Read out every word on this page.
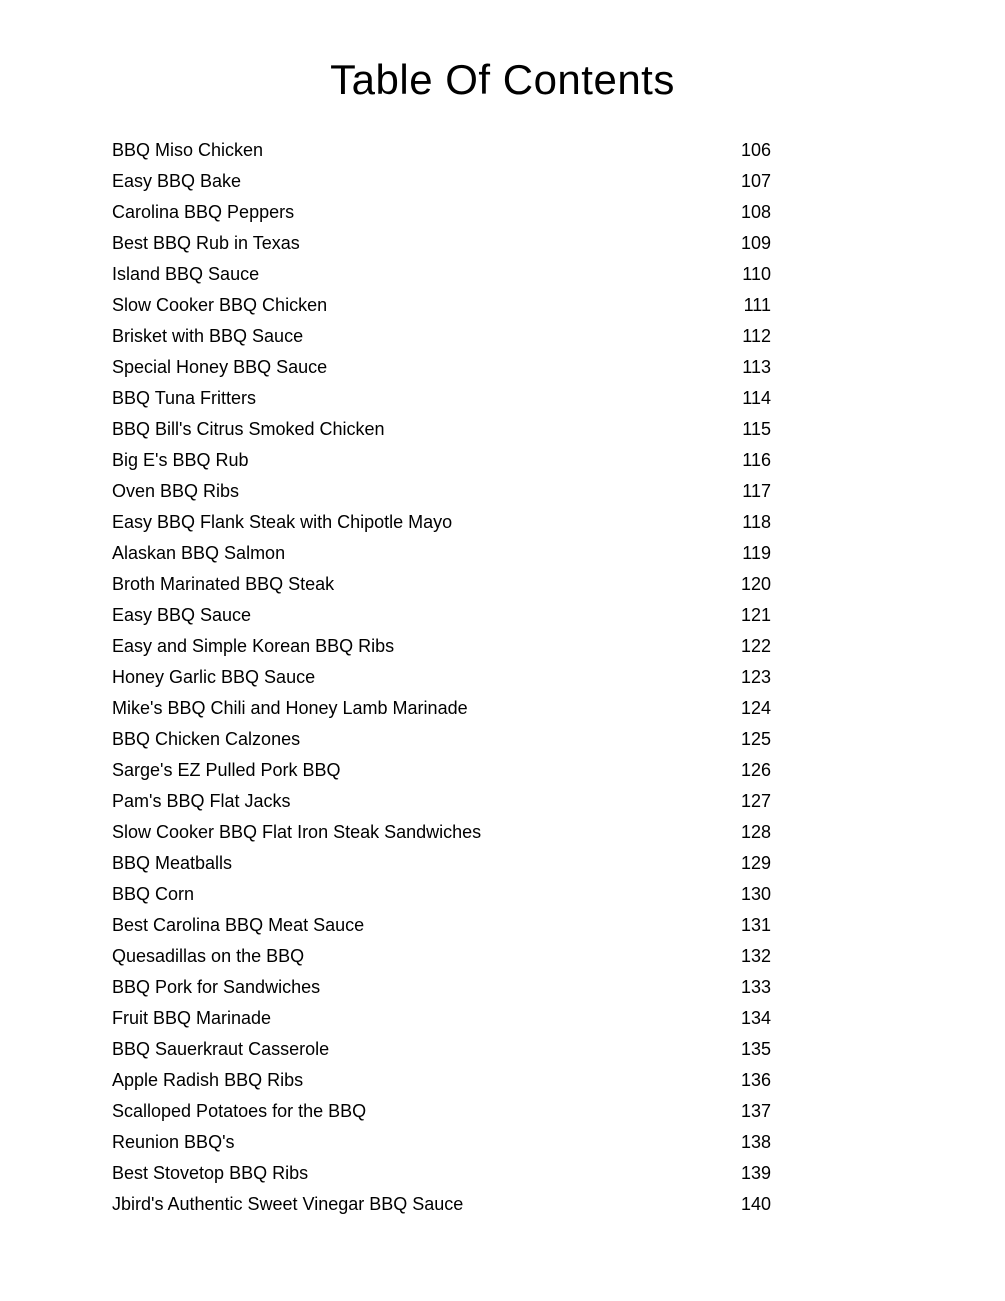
Table Of Contents
BBQ Miso Chicken	106
Easy BBQ Bake	107
Carolina BBQ Peppers	108
Best BBQ Rub in Texas	109
Island BBQ Sauce	110
Slow Cooker BBQ Chicken	111
Brisket with BBQ Sauce	112
Special Honey BBQ Sauce	113
BBQ Tuna Fritters	114
BBQ Bill's Citrus Smoked Chicken	115
Big E's BBQ Rub	116
Oven BBQ Ribs	117
Easy BBQ Flank Steak with Chipotle Mayo	118
Alaskan BBQ Salmon	119
Broth Marinated BBQ Steak	120
Easy BBQ Sauce	121
Easy and Simple Korean BBQ Ribs	122
Honey Garlic BBQ Sauce	123
Mike's BBQ Chili and Honey Lamb Marinade	124
BBQ Chicken Calzones	125
Sarge's EZ Pulled Pork BBQ	126
Pam's BBQ Flat Jacks	127
Slow Cooker BBQ Flat Iron Steak Sandwiches	128
BBQ Meatballs	129
BBQ Corn	130
Best Carolina BBQ Meat Sauce	131
Quesadillas on the BBQ	132
BBQ Pork for Sandwiches	133
Fruit BBQ Marinade	134
BBQ Sauerkraut Casserole	135
Apple Radish BBQ Ribs	136
Scalloped Potatoes for the BBQ	137
Reunion BBQ's	138
Best Stovetop BBQ Ribs	139
Jbird's Authentic Sweet Vinegar BBQ Sauce	140
